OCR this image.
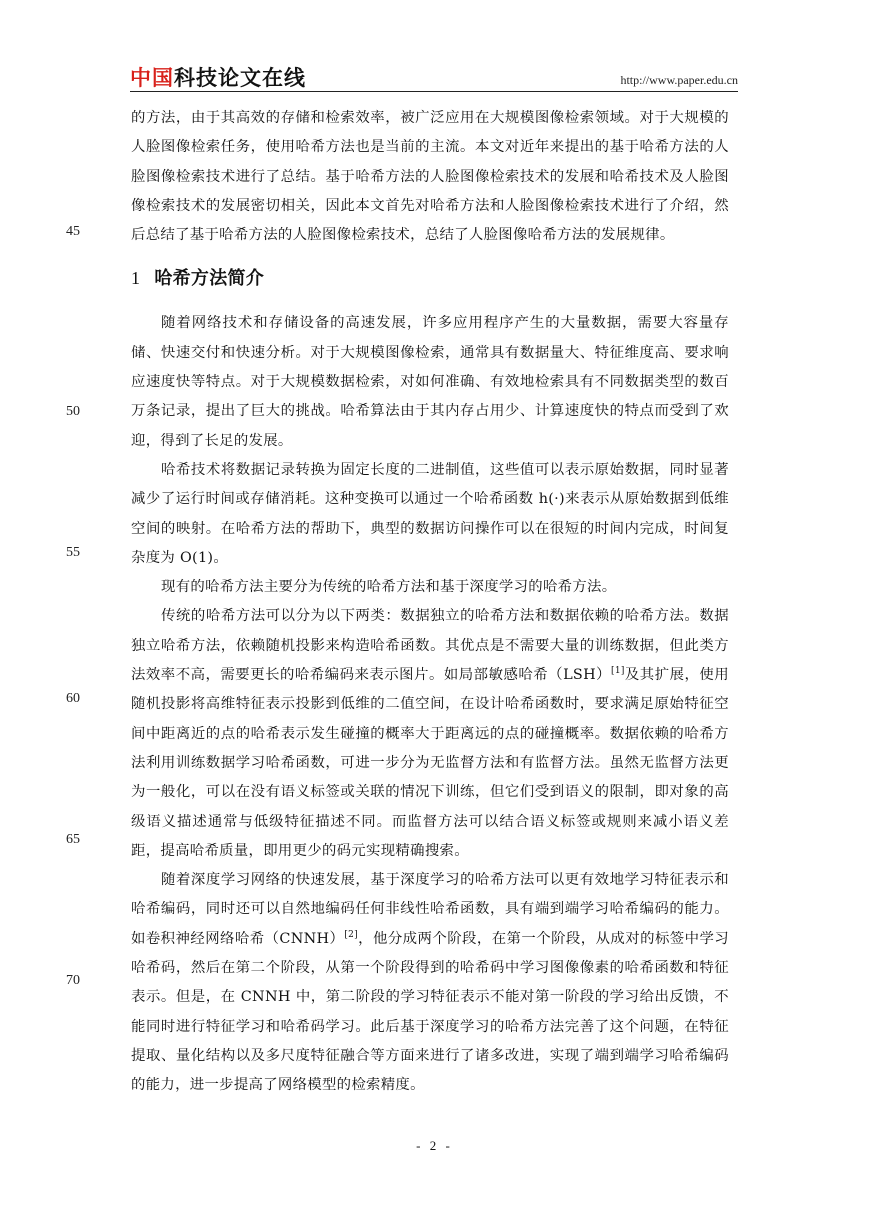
中国科技论文在线	http://www.paper.edu.cn
45
50
55
60
65
70

的方法，由于其高效的存储和检索效率，被广泛应用在大规模图像检索领域。对于大规模的人脸图像检索任务，使用哈希方法也是当前的主流。本文对近年来提出的基于哈希方法的人脸图像检索技术进行了总结。基于哈希方法的人脸图像检索技术的发展和哈希技术及人脸图像检索技术的发展密切相关，因此本文首先对哈希方法和人脸图像检索技术进行了介绍，然后总结了基于哈希方法的人脸图像检索技术，总结了人脸图像哈希方法的发展规律。

1 哈希方法简介

随着网络技术和存储设备的高速发展，许多应用程序产生的大量数据，需要大容量存储、快速交付和快速分析。对于大规模图像检索，通常具有数据量大、特征维度高、要求响应速度快等特点。对于大规模数据检索，对如何准确、有效地检索具有不同数据类型的数百万条记录，提出了巨大的挑战。哈希算法由于其内存占用少、计算速度快的特点而受到了欢迎，得到了长足的发展。

哈希技术将数据记录转换为固定长度的二进制值，这些值可以表示原始数据，同时显著减少了运行时间或存储消耗。这种变换可以通过一个哈希函数 h(·)来表示从原始数据到低维空间的映射。在哈希方法的帮助下，典型的数据访问操作可以在很短的时间内完成，时间复杂度为 O(1)。

现有的哈希方法主要分为传统的哈希方法和基于深度学习的哈希方法。

传统的哈希方法可以分为以下两类：数据独立的哈希方法和数据依赖的哈希方法。数据独立哈希方法，依赖随机投影来构造哈希函数。其优点是不需要大量的训练数据，但此类方法效率不高，需要更长的哈希编码来表示图片。如局部敏感哈希（LSH）[1]及其扩展，使用随机投影将高维特征表示投影到低维的二值空间，在设计哈希函数时，要求满足原始特征空间中距离近的点的哈希表示发生碰撞的概率大于距离远的点的碰撞概率。数据依赖的哈希方法利用训练数据学习哈希函数，可进一步分为无监督方法和有监督方法。虽然无监督方法更为一般化，可以在没有语义标签或关联的情况下训练，但它们受到语义的限制，即对象的高级语义描述通常与低级特征描述不同。而监督方法可以结合语义标签或规则来减小语义差距，提高哈希质量，即用更少的码元实现精确搜索。

随着深度学习网络的快速发展，基于深度学习的哈希方法可以更有效地学习特征表示和哈希编码，同时还可以自然地编码任何非线性哈希函数，具有端到端学习哈希编码的能力。如卷积神经网络哈希（CNNH）[2]，他分成两个阶段，在第一个阶段，从成对的标签中学习哈希码，然后在第二个阶段，从第一个阶段得到的哈希码中学习图像像素的哈希函数和特征表示。但是，在 CNNH 中，第二阶段的学习特征表示不能对第一阶段的学习给出反馈，不能同时进行特征学习和哈希码学习。此后基于深度学习的哈希方法完善了这个问题，在特征提取、量化结构以及多尺度特征融合等方面来进行了诸多改进，实现了端到端学习哈希编码的能力，进一步提高了网络模型的检索精度。

- 2 -
